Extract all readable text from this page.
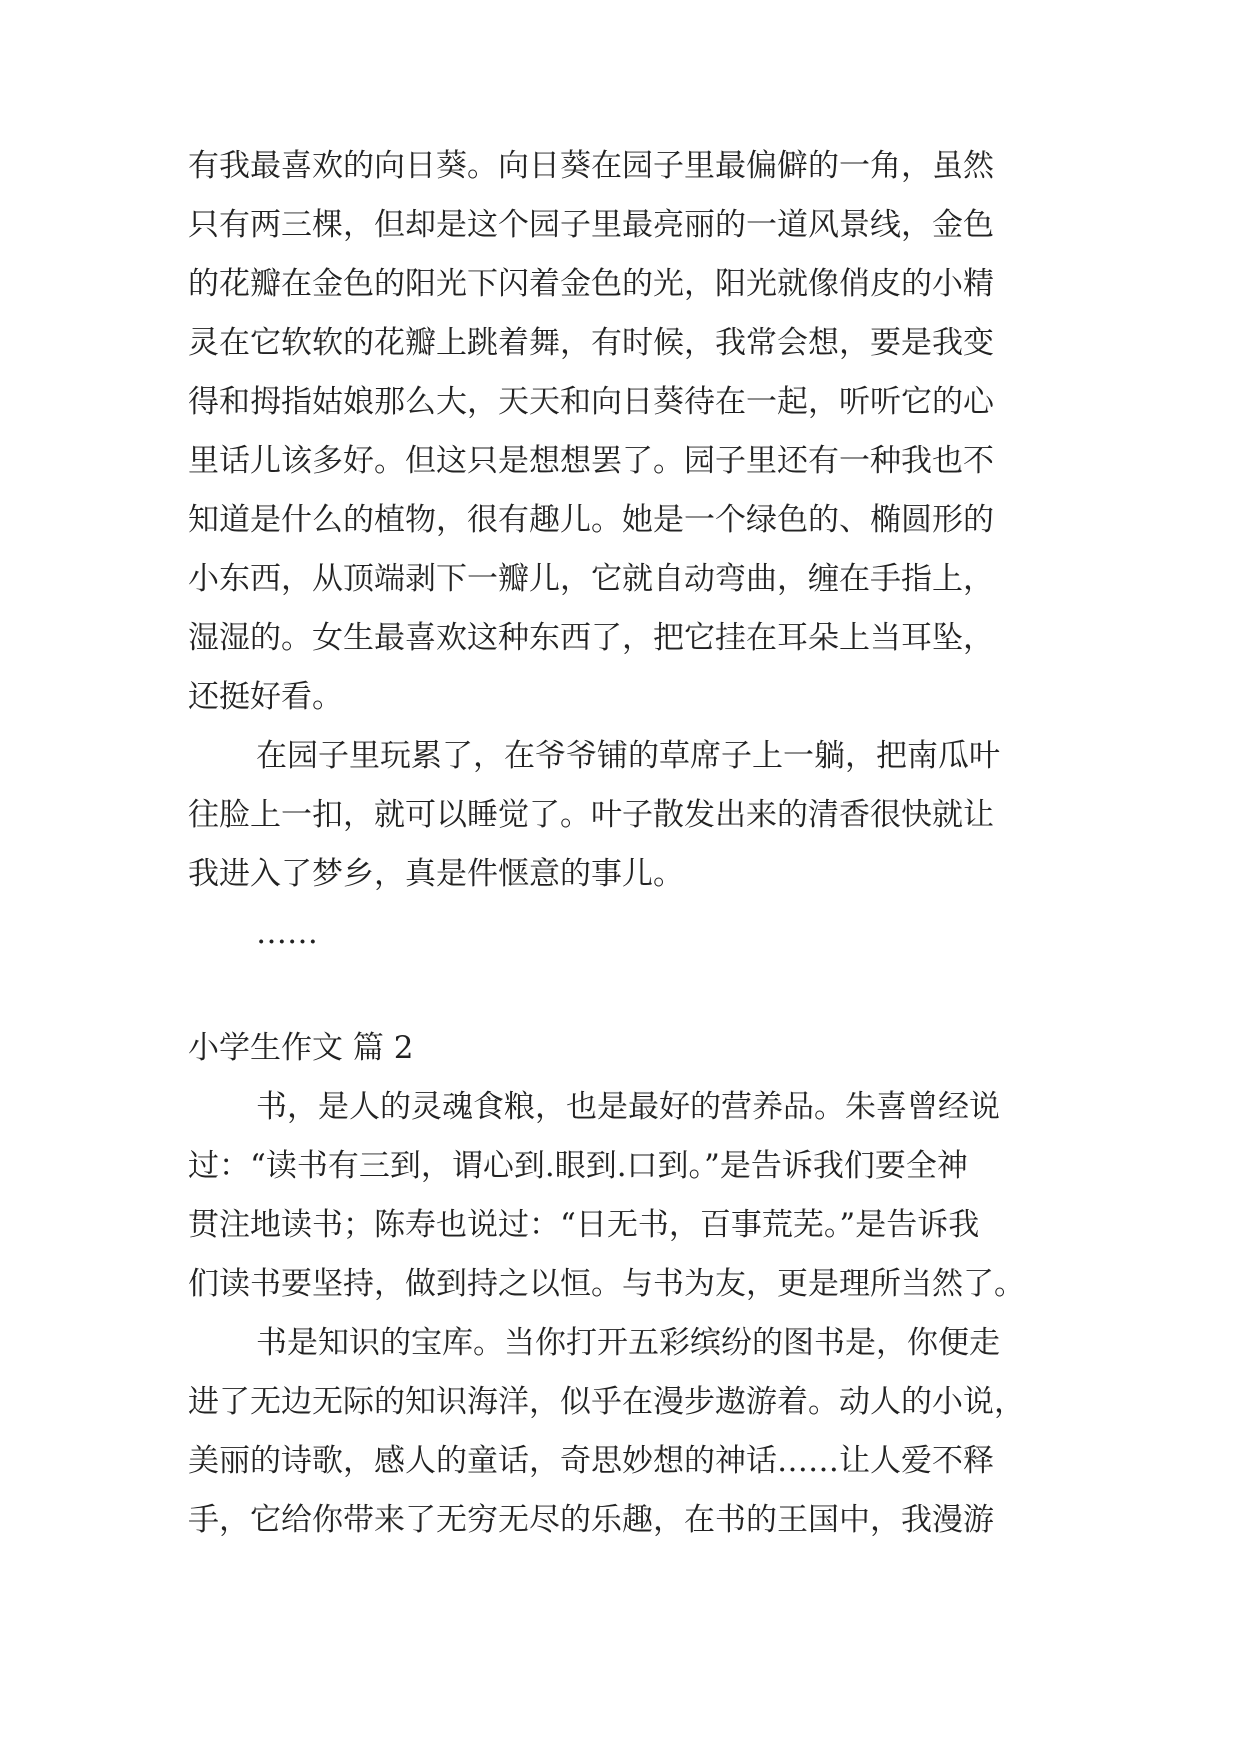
有我最喜欢的向日葵。向日葵在园子里最偏僻的一角，虽然
只有两三棵，但却是这个园子里最亮丽的一道风景线，金色
的花瓣在金色的阳光下闪着金色的光，阳光就像俏皮的小精
灵在它软软的花瓣上跳着舞，有时候，我常会想，要是我变
得和拇指姑娘那么大，天天和向日葵待在一起，听听它的心
里话儿该多好。但这只是想想罢了。园子里还有一种我也不
知道是什么的植物，很有趣儿。她是一个绿色的、椭圆形的
小东西，从顶端剥下一瓣儿，它就自动弯曲，缠在手指上，
湿湿的。女生最喜欢这种东西了，把它挂在耳朵上当耳坠，
还挺好看。
在园子里玩累了，在爷爷铺的草席子上一躺，把南瓜叶
往脸上一扣，就可以睡觉了。叶子散发出来的清香很快就让
我进入了梦乡，真是件惬意的事儿。
……
小学生作文 篇 2
书，是人的灵魂食粮，也是最好的营养品。朱喜曾经说
过：“读书有三到，谓心到.眼到.口到。”是告诉我们要全神
贯注地读书；陈寿也说过：“日无书，百事荒芜。”是告诉我
们读书要坚持，做到持之以恒。与书为友，更是理所当然了。
书是知识的宝库。当你打开五彩缤纷的图书是，你便走
进了无边无际的知识海洋，似乎在漫步遨游着。动人的小说，
美丽的诗歌，感人的童话，奇思妙想的神话……让人爱不释
手，它给你带来了无穷无尽的乐趣，在书的王国中，我漫游
